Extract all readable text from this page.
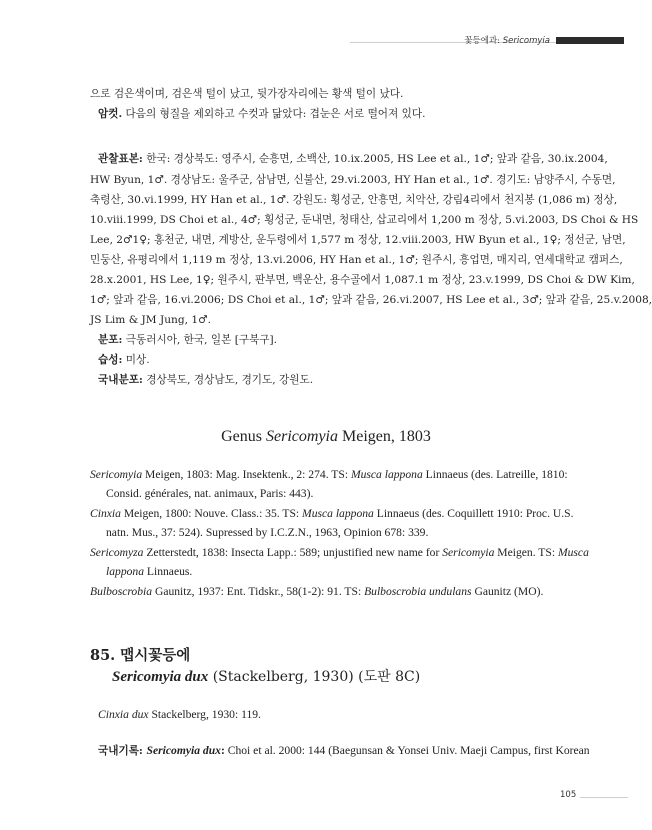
꽃등에과: Sericomyia
으로 검은색이며, 검은색 털이 났고, 뒷가장자리에는 황색 털이 났다.
암컷. 다음의 형질을 제외하고 수컷과 닮았다: 겹눈은 서로 떨어져 있다.
관찰표본: 한국: 경상북도: 영주시, 순흥면, 소백산, 10.ix.2005, HS Lee et al., 1♂; 앞과 같음, 30.ix.2004,
HW Byun, 1♂. 경상남도: 울주군, 삼남면, 신불산, 29.vi.2003, HY Han et al., 1♂. 경기도: 남양주시, 수동면,
축령산, 30.vi.1999, HY Han et al., 1♂. 강원도: 횡성군, 안흥면, 치악산, 강림4리에서 천지봉 (1,086 m) 정상,
10.viii.1999, DS Choi et al., 4♂; 횡성군, 둔내면, 청태산, 삽교리에서 1,200 m 정상, 5.vi.2003, DS Choi & HS
Lee, 2♂1♀; 홍천군, 내면, 계방산, 운두령에서 1,577 m 정상, 12.viii.2003, HW Byun et al., 1♀; 정선군, 남면,
민둥산, 유평리에서 1,119 m 정상, 13.vi.2006, HY Han et al., 1♂; 원주시, 흥업면, 매지리, 연세대학교 캠퍼스,
28.x.2001, HS Lee, 1♀; 원주시, 판부면, 백운산, 용수골에서 1,087.1 m 정상, 23.v.1999, DS Choi & DW Kim,
1♂; 앞과 같음, 16.vi.2006; DS Choi et al., 1♂; 앞과 같음, 26.vi.2007, HS Lee et al., 3♂; 앞과 같음, 25.v.2008,
JS Lim & JM Jung, 1♂.
분포: 극동러시아, 한국, 일본 [구북구].
습성: 미상.
국내분포: 경상북도, 경상남도, 경기도, 강원도.
Genus Sericomyia Meigen, 1803
Sericomyia Meigen, 1803: Mag. Insektenk., 2: 274. TS: Musca lappona Linnaeus (des. Latreille, 1810:
Consid. générales, nat. animaux, Paris: 443).
Cinxia Meigen, 1800: Nouve. Class.: 35. TS: Musca lappona Linnaeus (des. Coquillett 1910: Proc. U.S.
natn. Mus., 37: 524). Supressed by I.C.Z.N., 1963, Opinion 678: 339.
Sericomyza Zetterstedt, 1838: Insecta Lapp.: 589; unjustified new name for Sericomyia Meigen. TS: Musca
lappona Linnaeus.
Bulboscrobia Gaunitz, 1937: Ent. Tidskr., 58(1-2): 91. TS: Bulboscrobia undulans Gaunitz (MO).
85. 맵시꽃등에
Sericomyia dux (Stackelberg, 1930) (도판 8C)
Cinxia dux Stackelberg, 1930: 119.
국내기록: Sericomyia dux: Choi et al. 2000: 144 (Baegunsan & Yonsei Univ. Maeji Campus, first Korean
105
